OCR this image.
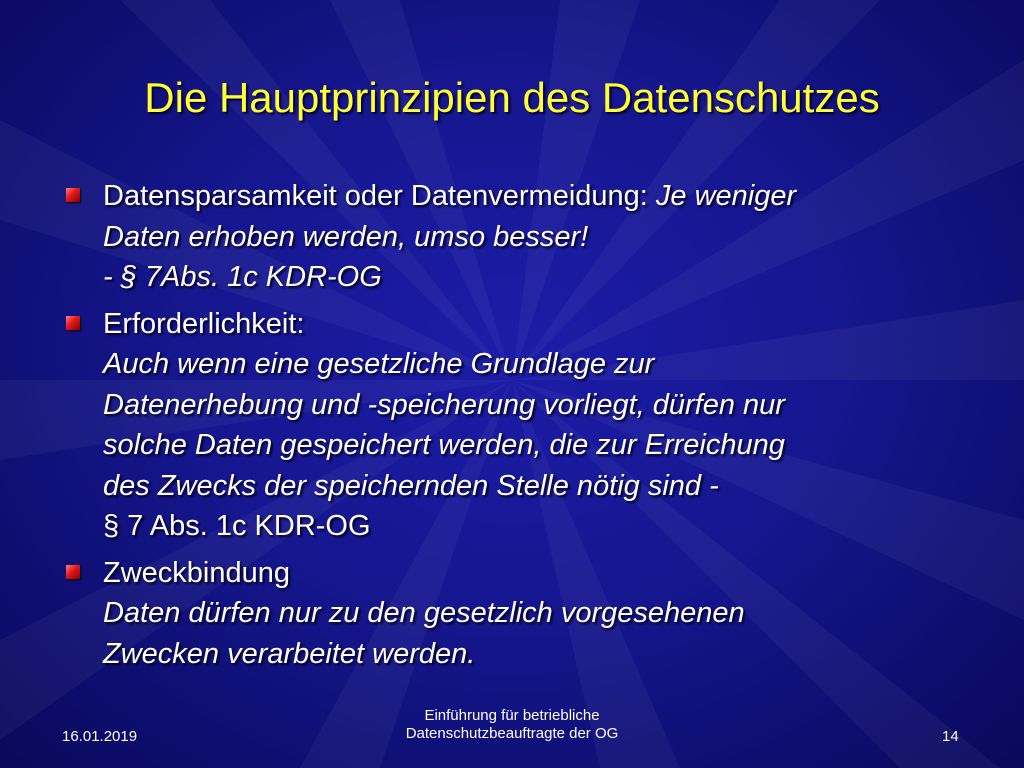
Die Hauptprinzipien des Datenschutzes
Datensparsamkeit oder Datenvermeidung: Je weniger
Daten erhoben werden, umso besser!
- § 7Abs. 1c KDR-OG
Erforderlichkeit:
Auch wenn eine gesetzliche Grundlage zur
Datenerhebung und -speicherung vorliegt, dürfen nur
solche Daten gespeichert werden, die zur Erreichung
des Zwecks der speichernden Stelle nötig sind -
§ 7 Abs. 1c KDR-OG
Zweckbindung
Daten dürfen nur zu den gesetzlich vorgesehenen
Zwecken verarbeitet werden.
16.01.2019
Einführung für betriebliche
Datenschutzbeauftragte der OG	14
